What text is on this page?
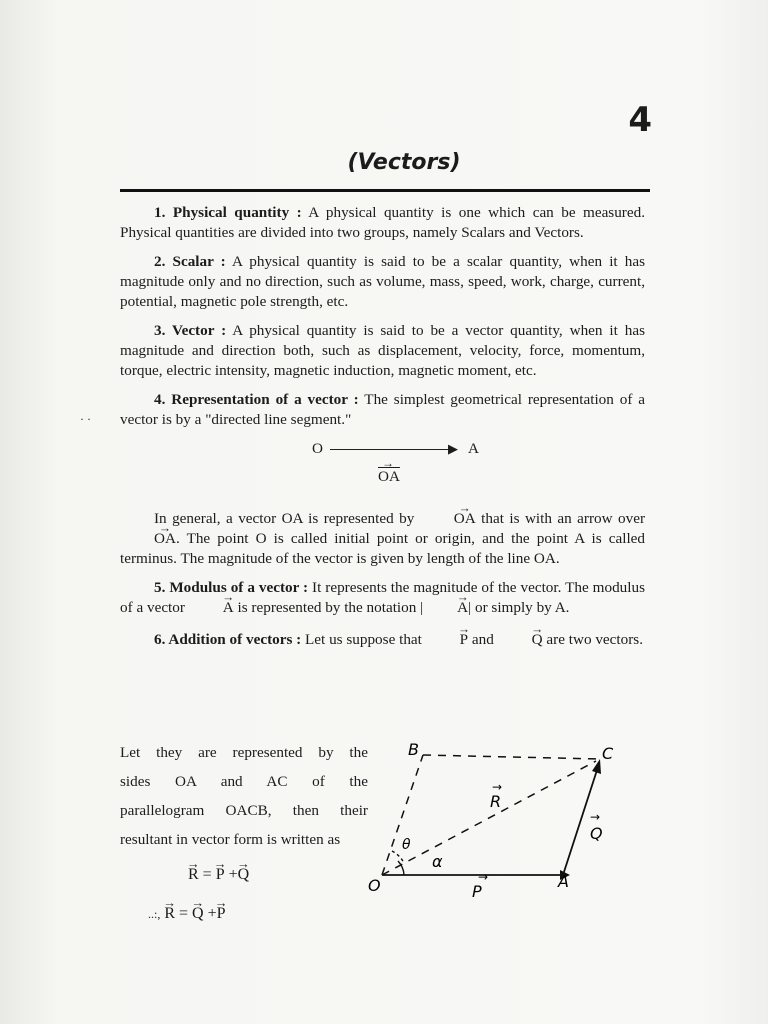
4
(Vectors)
· ·

1. Physical quantity : A physical quantity is one which can be measured. Physical quantities are divided into two groups, namely Scalars and Vectors.

2. Scalar : A physical quantity is said to be a scalar quantity, when it has magnitude only and no direction, such as volume, mass, speed, work, charge, current, potential, magnetic pole strength, etc.

3. Vector : A physical quantity is said to be a vector quantity, when it has magnitude and direction both, such as displacement, velocity, force, momentum, torque, electric intensity, magnetic induction, magnetic moment, etc.

4. Representation of a vector : The simplest geometrical representation of a vector is by a "directed line segment."

O	▶ A
→ $\overline{OA}$

In general, a vector OA is represented by	→ OA that is with an arrow over → OA. The point O is called initial point or origin, and the point A is called terminus. The magnitude of the vector is given by length of the line OA.

5. Modulus of a vector : It represents the magnitude of the vector. The modulus of a vector → A is represented by the notation | → A| or simply by A.

6. Addition of vectors : Let us suppose that → P and → Q are two vectors.

Let they are represented by the
sides OA and AC of the
parallelogram OACB, then their
resultant in vector form is written as
→ R = → P +→ Q
..:, → R = → Q +→ P
O	A
B	C
P
→
Q
→
R
→
θ
α
